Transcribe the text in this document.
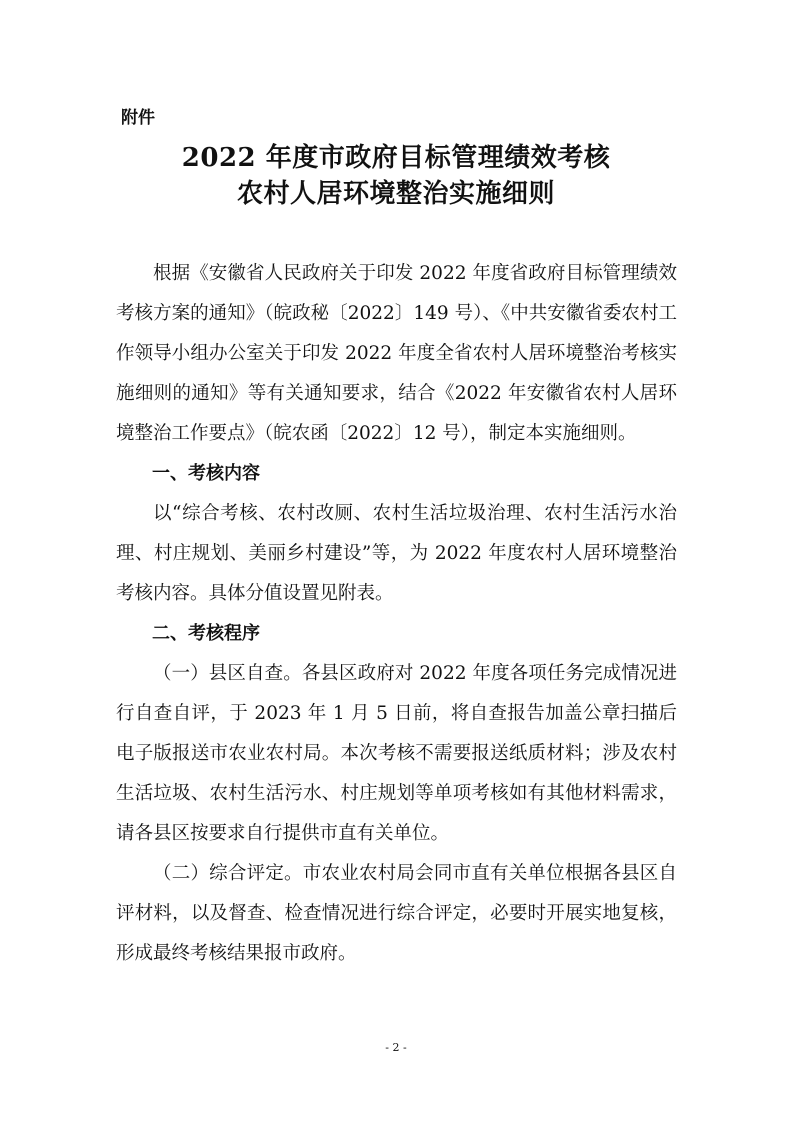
附件
2022 年度市政府目标管理绩效考核
农村人居环境整治实施细则

根据《安徽省人民政府关于印发 2022 年度省政府目标管理绩效考核方案的通知》（皖政秘〔2022〕149 号）、《中共安徽省委农村工作领导小组办公室关于印发 2022 年度全省农村人居环境整治考核实施细则的通知》等有关通知要求，结合《2022 年安徽省农村人居环境整治工作要点》（皖农函〔2022〕12 号），制定本实施细则。

一、考核内容

以“综合考核、农村改厕、农村生活垃圾治理、农村生活污水治理、村庄规划、美丽乡村建设”等，为 2022 年度农村人居环境整治考核内容。具体分值设置见附表。

二、考核程序

（一）县区自查。各县区政府对 2022 年度各项任务完成情况进行自查自评，于 2023 年 1 月 5 日前，将自查报告加盖公章扫描后电子版报送市农业农村局。本次考核不需要报送纸质材料；涉及农村生活垃圾、农村生活污水、村庄规划等单项考核如有其他材料需求，请各县区按要求自行提供市直有关单位。

（二）综合评定。市农业农村局会同市直有关单位根据各县区自评材料，以及督查、检查情况进行综合评定，必要时开展实地复核，形成最终考核结果报市政府。

- 2 -
